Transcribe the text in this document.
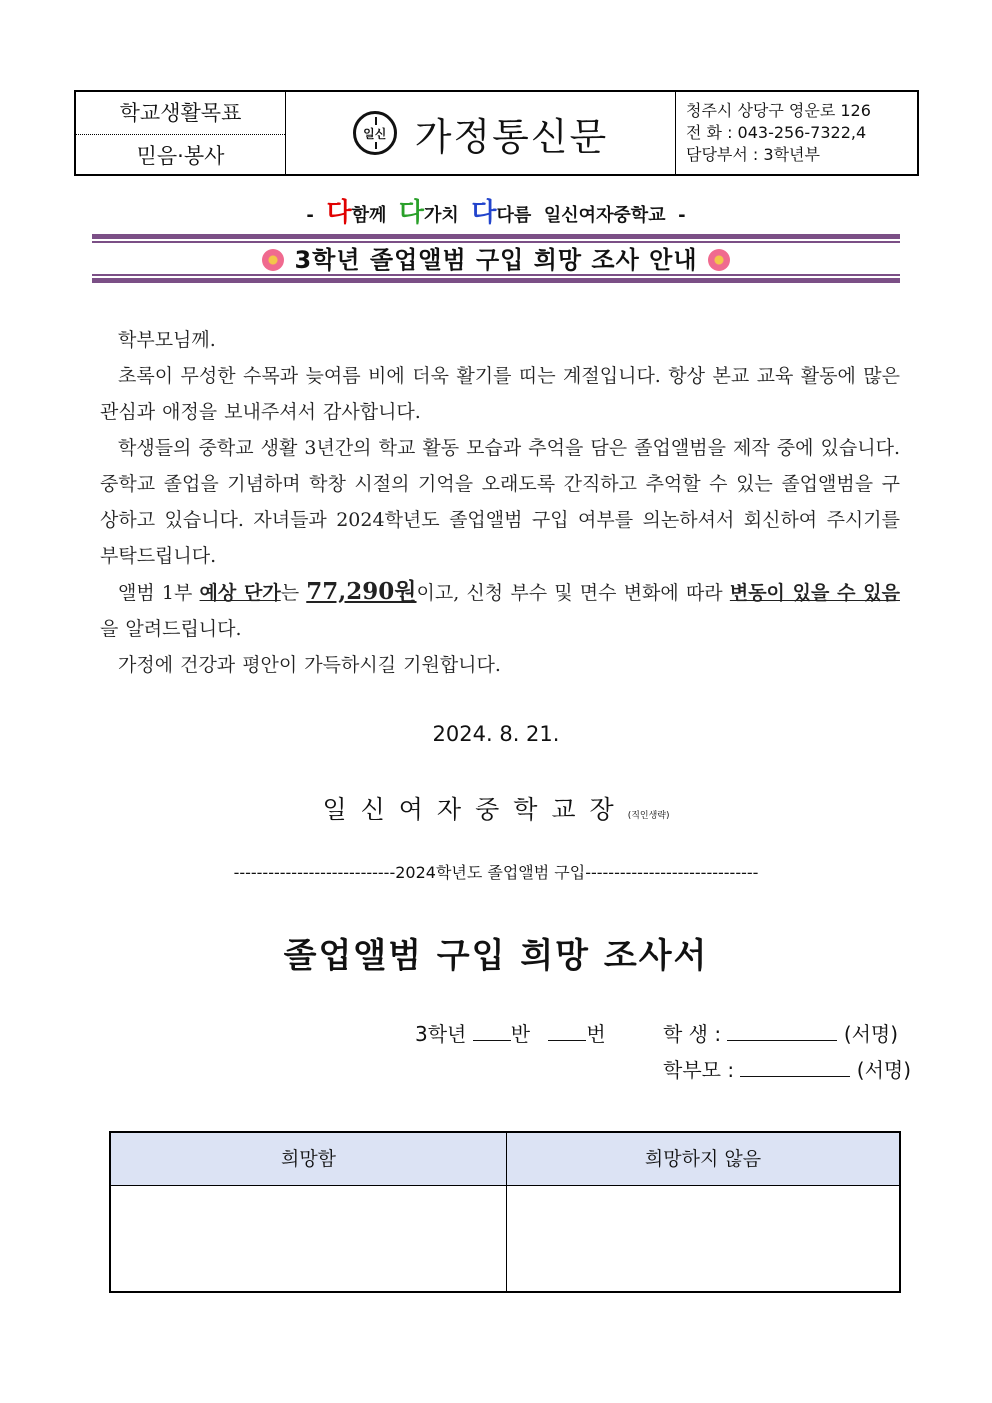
학교생활목표
믿음·봉사
일신 가정통신문
청주시 상당구 영운로 126
전 화 : 043-256-7322,4
담당부서 : 3학년부
- 다함께 다가치 다다름 일신여자중학교 -
3학년 졸업앨범 구입 희망 조사 안내

학부모님께.

초록이 무성한 수목과 늦여름 비에 더욱 활기를 띠는 계절입니다. 항상 본교 교육 활동에 많은 관심과 애정을 보내주셔서 감사합니다.

학생들의 중학교 생활 3년간의 학교 활동 모습과 추억을 담은 졸업앨범을 제작 중에 있습니다. 중학교 졸업을 기념하며 학창 시절의 기억을 오래도록 간직하고 추억할 수 있는 졸업앨범을 구상하고 있습니다. 자녀들과 2024학년도 졸업앨범 구입 여부를 의논하셔서 회신하여 주시기를 부탁드립니다.

앨범 1부 예상 단가는 77,290원이고, 신청 부수 및 면수 변화에 따라 변동이 있을 수 있음을 알려드립니다.

가정에 건강과 평안이 가득하시길 기원합니다.

2024. 8. 21.
일신여자중학교장(직인생략)
----------------------------2024학년도 졸업앨범 구입------------------------------
졸업앨범 구입 희망 조사서
3학년 반	번	학 생 :	(서명)
학부모 :	(서명)
희망함	희망하지 않음
